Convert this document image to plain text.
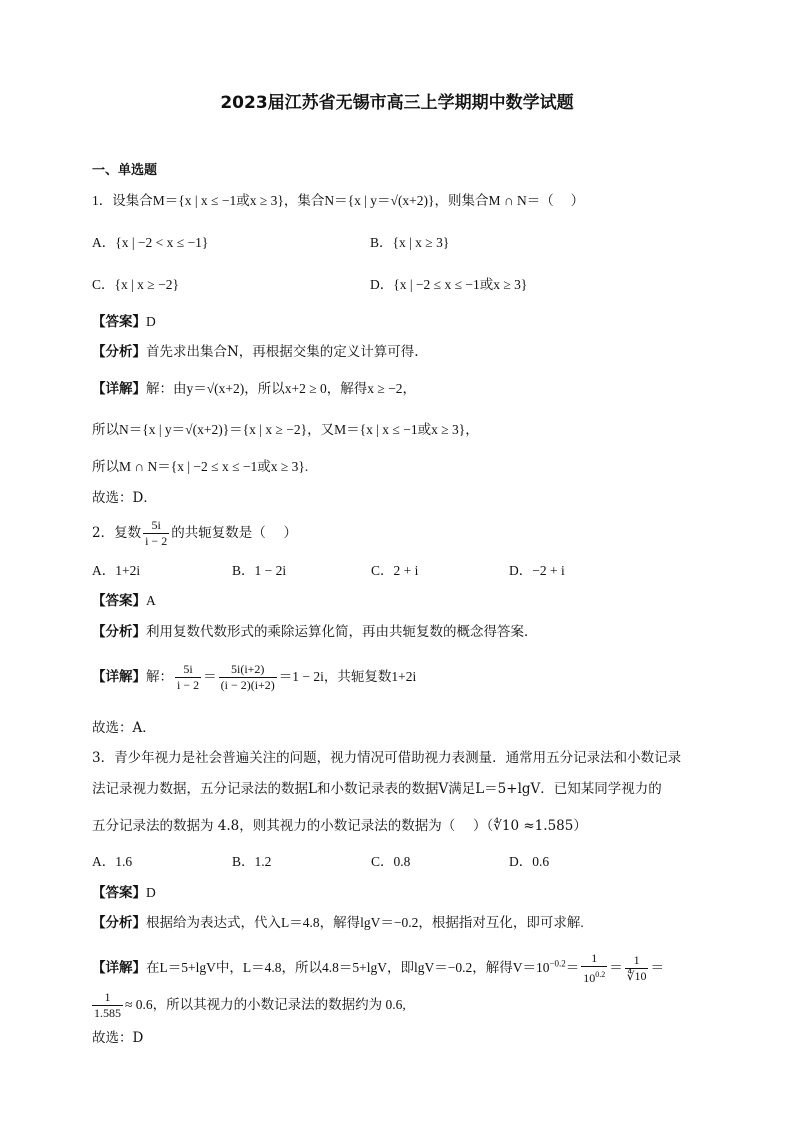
2023届江苏省无锡市高三上学期期中数学试题
一、单选题
1．设集合M＝{x | x ≤ −1或x ≥ 3}，集合N＝{x | y＝√(x+2)}，则集合M ∩ N＝（　 ）
A．{x | −2 < x ≤ −1}	B．{x | x ≥ 3}
C．{x | x ≥ −2}	D．{x | −2 ≤ x ≤ −1或x ≥ 3}
【答案】D
【分析】首先求出集合N，再根据交集的定义计算可得.
【详解】解：由y＝√(x+2)，所以x+2 ≥ 0，解得x ≥ −2，
所以N＝{x | y＝√(x+2)}＝{x | x ≥ −2}，又M＝{x | x ≤ −1或x ≥ 3}，
所以M ∩ N＝{x | −2 ≤ x ≤ −1或x ≥ 3}.
故选：D．
2．复数 $\frac{5i}{i - 2}$ 的共轭复数是（　 ）
A．1+2i	B．1 − 2i	C．2 + i	D．−2 + i
【答案】A
【分析】利用复数代数形式的乘除运算化简，再由共轭复数的概念得答案．
【详解】解： $\frac{5i}{i - 2} = \frac{5i(i+2)}{(i - 2)(i+2)} =1 - 2i$，共轭复数1+2i
故选：A．
3．青少年视力是社会普遍关注的问题，视力情况可借助视力表测量．通常用五分记录法和小数记录
法记录视力数据，五分记录法的数据L和小数记录表的数据V满足L＝5+lgV．已知某同学视力的
五分记录法的数据为 4.8，则其视力的小数记录法的数据为（　 ）（∜10 ≈1.585）
A．1.6	B．1.2	C．0.8	D．0.6
【答案】D
【分析】根据给为表达式，代入L＝4.8，解得lgV＝−0.2，根据指对互化，即可求解.
【详解】在L＝5+lgV中，L＝4.8，所以4.8＝5+lgV，即lgV＝−0.2，解得$V=10^{-0.2}= \frac{1}{10^{0.2}} = \frac{1}{∜10}$ ＝
$\frac{1}{1.585} \approx 0.6$，所以其视力的小数记录法的数据约为 0.6,
故选：D
